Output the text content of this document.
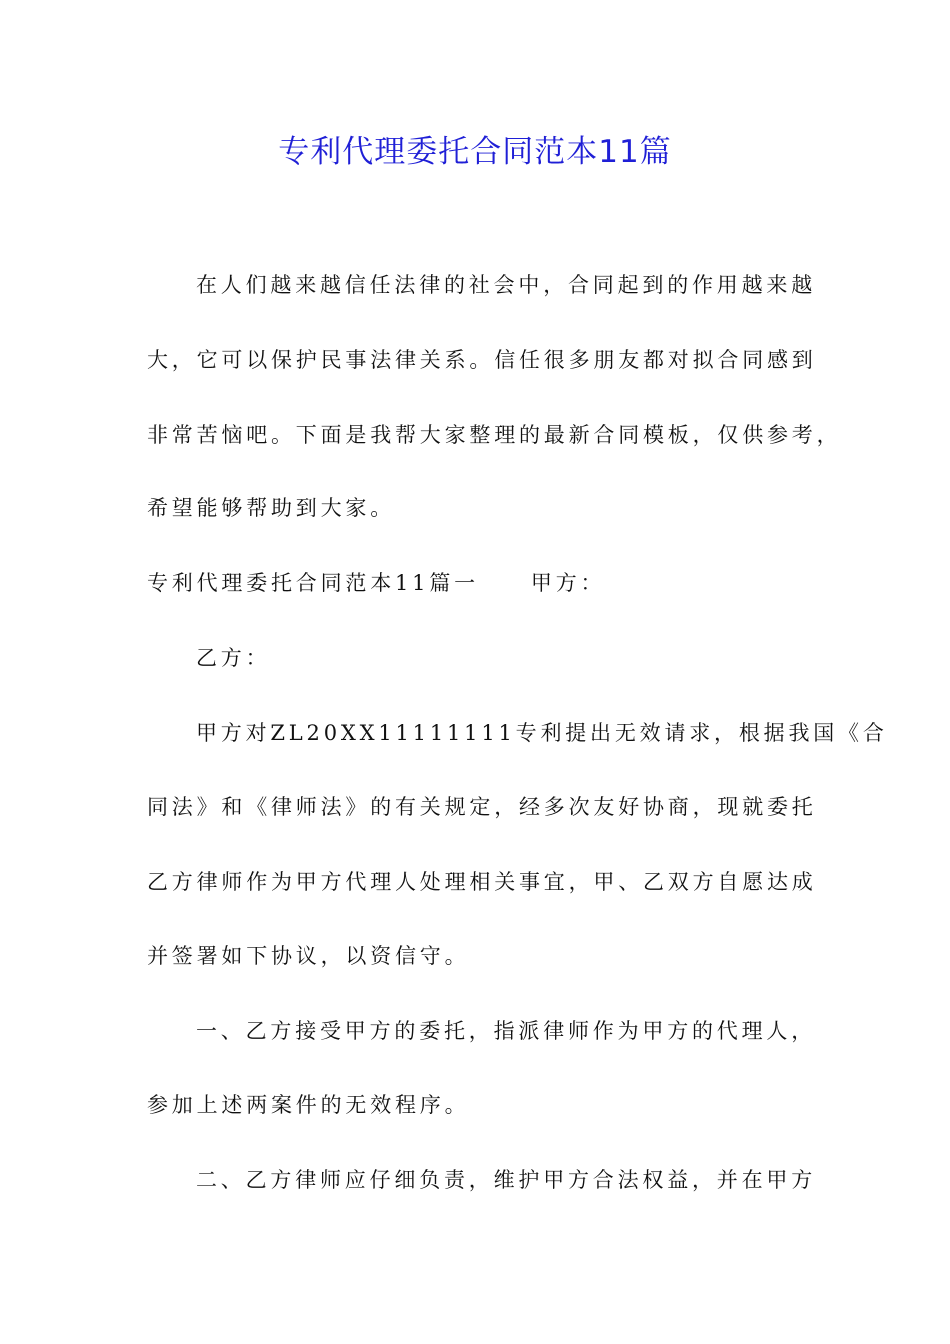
专利代理委托合同范本11篇
在人们越来越信任法律的社会中，合同起到的作用越来越
大，它可以保护民事法律关系。信任很多朋友都对拟合同感到
非常苦恼吧。下面是我帮大家整理的最新合同模板，仅供参考，
希望能够帮助到大家。
专利代理委托合同范本11篇一 甲方：
乙方：
甲方对ZL20XX11111111专利提出无效请求，根据我国《合
同法》和《律师法》的有关规定，经多次友好协商，现就委托
乙方律师作为甲方代理人处理相关事宜，甲、乙双方自愿达成
并签署如下协议，以资信守。
一、乙方接受甲方的委托，指派律师作为甲方的代理人，
参加上述两案件的无效程序。
二、乙方律师应仔细负责，维护甲方合法权益，并在甲方
